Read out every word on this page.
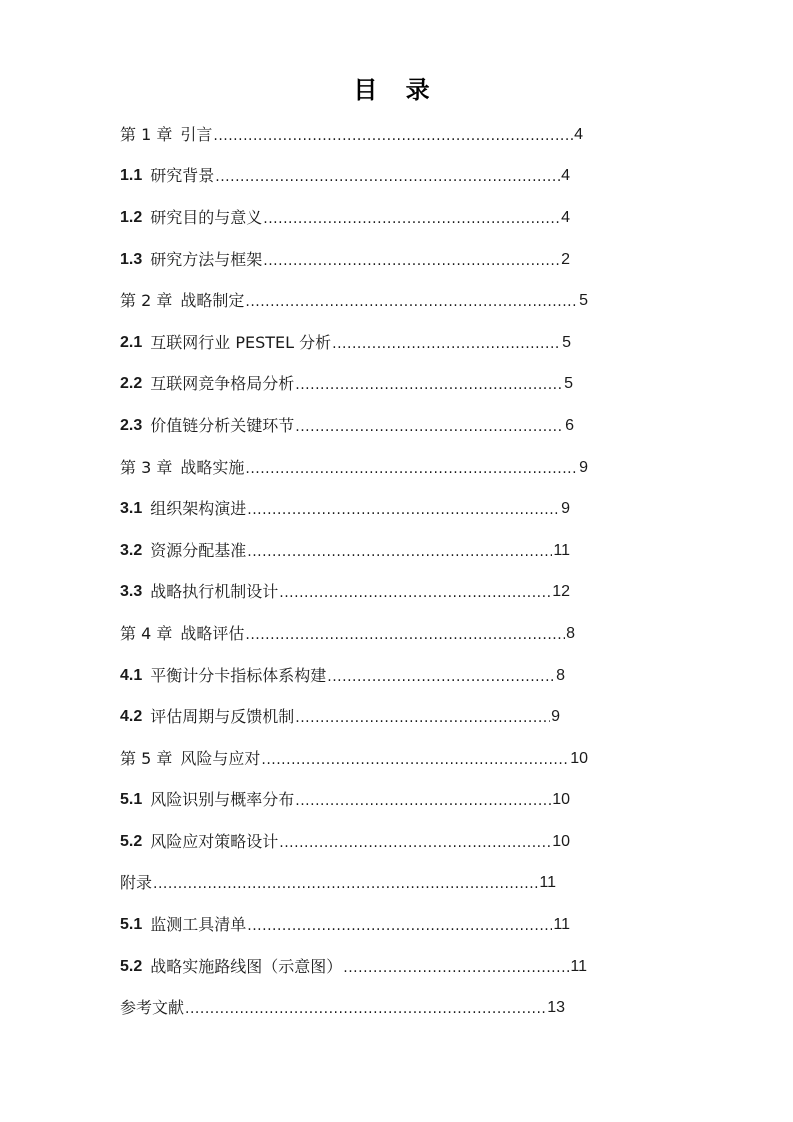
目 录
第 1 章 引言 .....	4
1.1 研究背景 .....	4
1.2 研究目的与意义 .....	4
1.3 研究方法与框架 .....	2
第 2 章 战略制定 .....	5
2.1 互联网行业 PESTEL 分析 .....	5
2.2 互联网竞争格局分析 .....	5
2.3 价值链分析关键环节 .....	6
第 3 章 战略实施 .....	9
3.1 组织架构演进 .....	9
3.2 资源分配基准 .....	11
3.3 战略执行机制设计 .....	12
第 4 章 战略评估 .....	8
4.1 平衡计分卡指标体系构建 .....	8
4.2 评估周期与反馈机制 .....	9
第 5 章 风险与应对 .....	10
5.1 风险识别与概率分布 .....	10
5.2 风险应对策略设计 .....	10
附录 .....	11
5.1 监测工具清单 .....	11
5.2 战略实施路线图（示意图） .....	11
参考文献 .....	13
